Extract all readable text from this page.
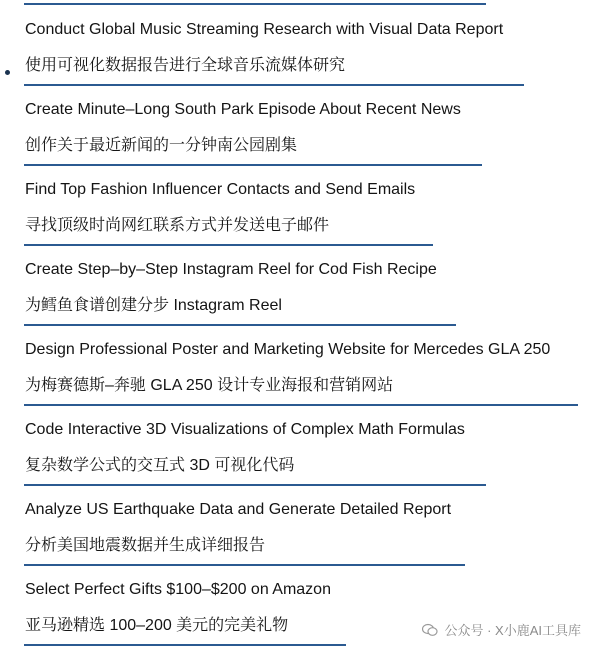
Conduct Global Music Streaming Research with Visual Data Report
使用可视化数据报告进行全球音乐流媒体研究
Create Minute–Long South Park Episode About Recent News
创作关于最近新闻的一分钟南公园剧集
Find Top Fashion Influencer Contacts and Send Emails
寻找顶级时尚网红联系方式并发送电子邮件
Create Step–by–Step Instagram Reel for Cod Fish Recipe
为鳕鱼食谱创建分步 Instagram Reel
Design Professional Poster and Marketing Website for Mercedes GLA 250
为梅赛德斯–奔驰 GLA 250 设计专业海报和营销网站
Code Interactive 3D Visualizations of Complex Math Formulas
复杂数学公式的交互式 3D 可视化代码
Analyze US Earthquake Data and Generate Detailed Report
分析美国地震数据并生成详细报告
Select Perfect Gifts $100–$200 on Amazon
亚马逊精选 100–200 美元的完美礼物	公众号 · X小鹿AI工具库
